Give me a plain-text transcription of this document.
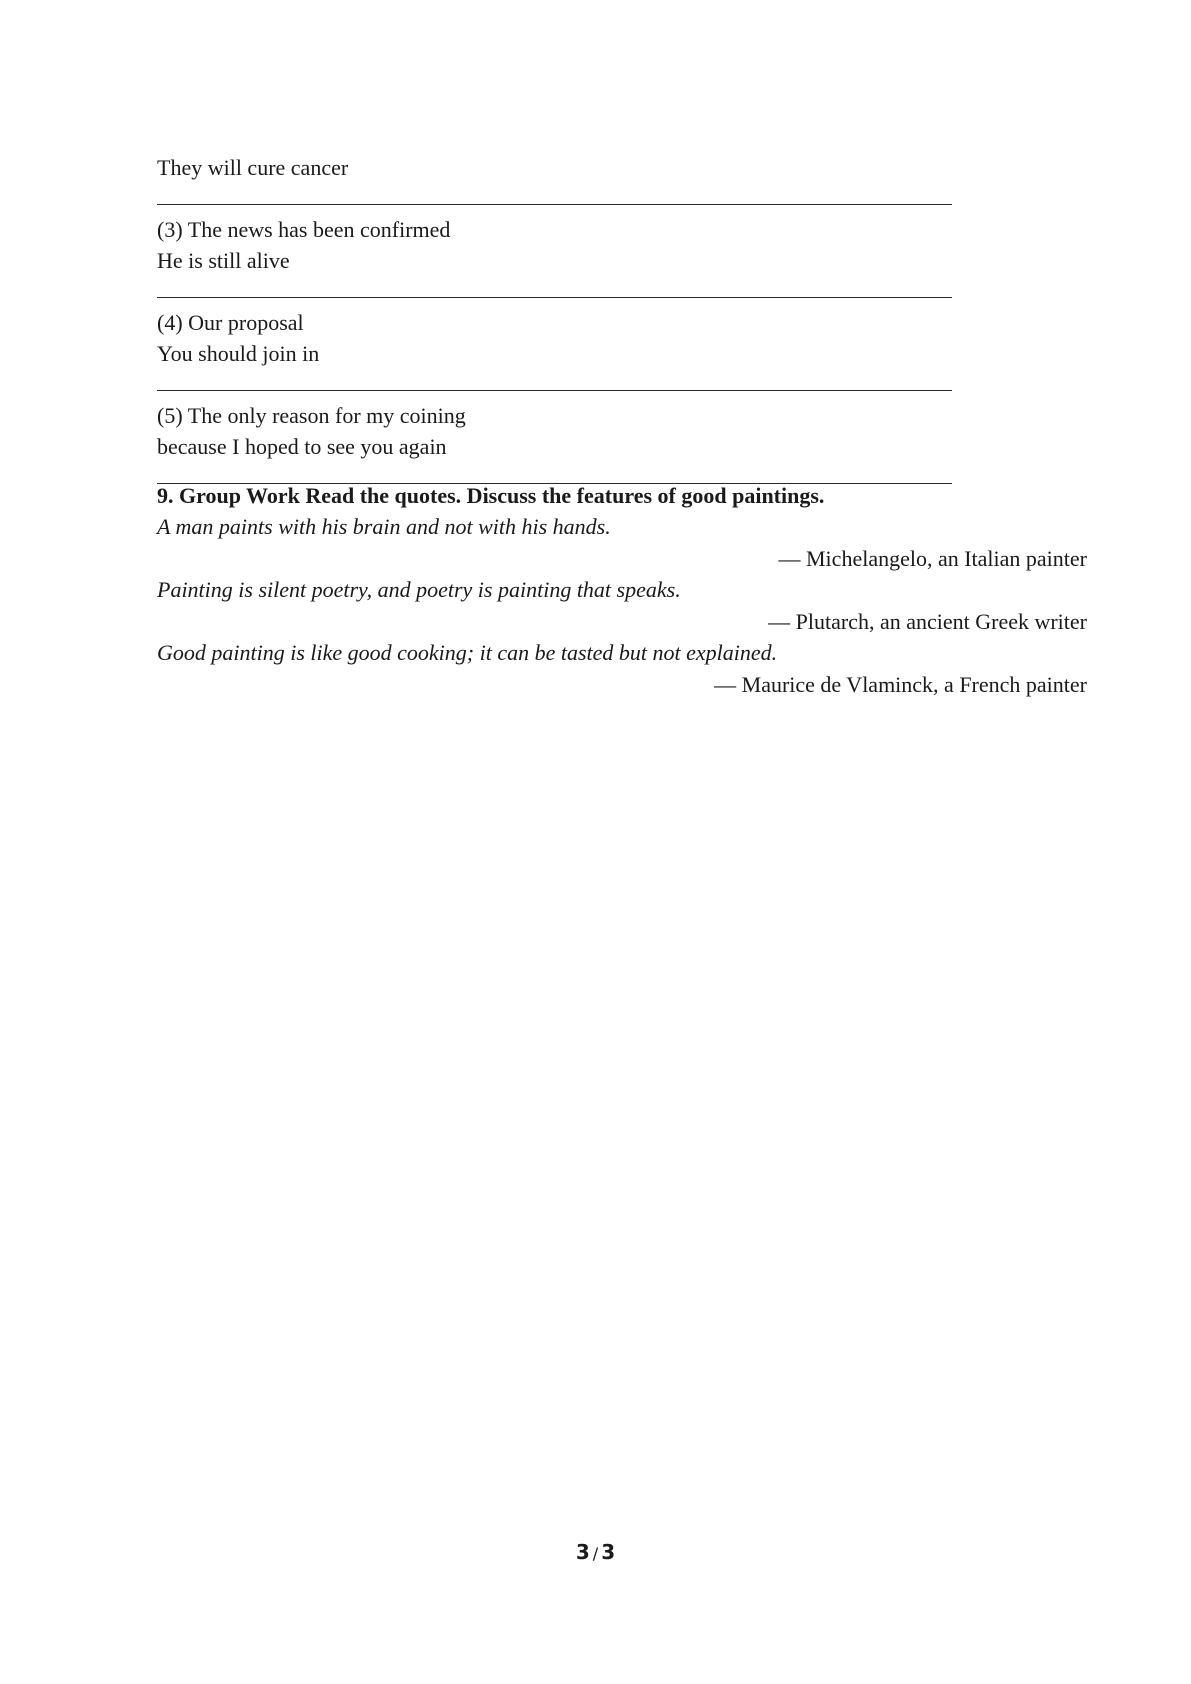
They will cure cancer
(3) The news has been confirmed
He is still alive
(4) Our proposal
You should join in
(5) The only reason for my coining
because I hoped to see you again
9. Group Work Read the quotes. Discuss the features of good paintings.
A man paints with his brain and not with his hands.
— Michelangelo, an Italian painter
Painting is silent poetry, and poetry is painting that speaks.
— Plutarch, an ancient Greek writer
Good painting is like good cooking; it can be tasted but not explained.
— Maurice de Vlaminck, a French painter
3 / 3
